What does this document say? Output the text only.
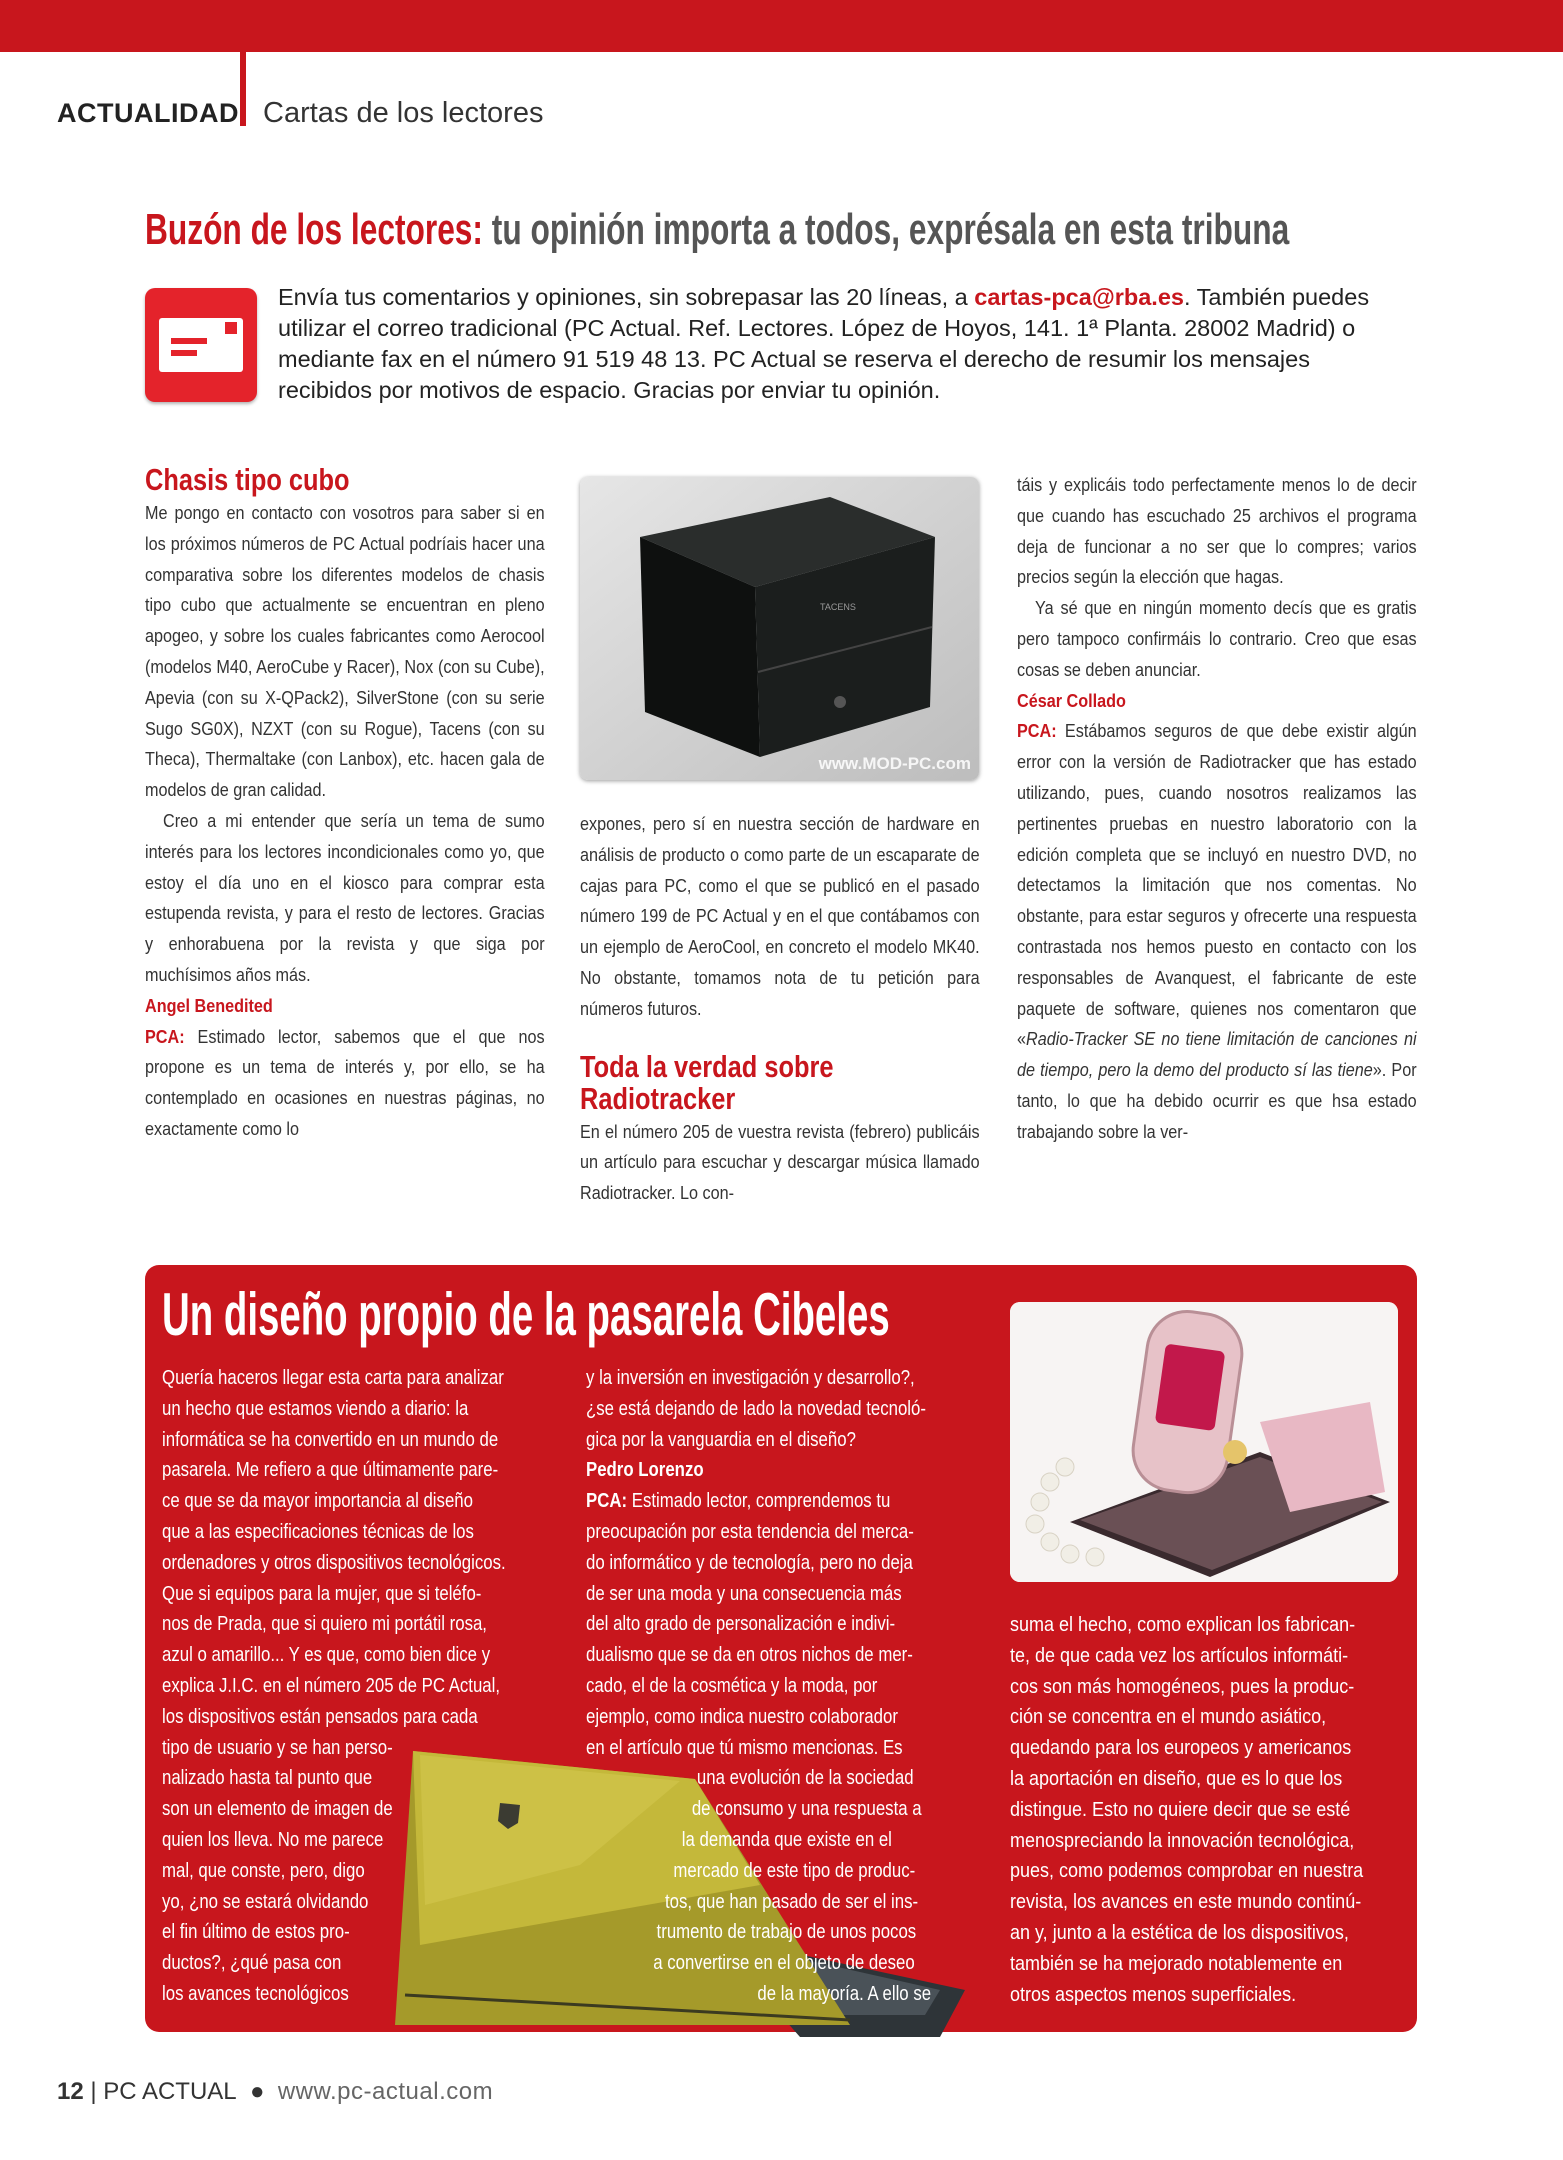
ACTUALIDAD Cartas de los lectores
Buzón de los lectores: tu opinión importa a todos, exprésala en esta tribuna

Envía tus comentarios y opiniones, sin sobrepasar las 20 líneas, a cartas-pca@rba.es. También puedes utilizar el correo tradicional (PC Actual. Ref. Lectores. López de Hoyos, 141. 1ª Planta. 28002 Madrid) o mediante fax en el número 91 519 48 13. PC Actual se reserva el derecho de resumir los mensajes recibidos por motivos de espacio. Gracias por enviar tu opinión.

Chasis tipo cubo

Me pongo en contacto con vosotros para saber si en los próximos números de PC Actual podríais hacer una comparativa sobre los diferentes modelos de chasis tipo cubo que actualmente se encuentran en pleno apogeo, y sobre los cuales fabricantes como Aerocool (modelos M40, AeroCube y Racer), Nox (con su Cube), Apevia (con su X-QPack2), SilverStone (con su serie Sugo SG0X), NZXT (con su Rogue), Tacens (con su Theca), Thermaltake (con Lanbox), etc. hacen gala de modelos de gran calidad.

Creo a mi entender que sería un tema de sumo interés para los lectores incondicionales como yo, que estoy el día uno en el kiosco para comprar esta estupenda revista, y para el resto de lectores. Gracias y enhorabuena por la revista y que siga por muchísimos años más.

Angel Benedited

PCA: Estimado lector, sabemos que el que nos propone es un tema de interés y, por ello, se ha contemplado en ocasiones en nuestras páginas, no exactamente como lo

TACENS
www.MOD-PC.com

expones, pero sí en nuestra sección de hardware en análisis de producto o como parte de un escaparate de cajas para PC, como el que se publicó en el pasado número 199 de PC Actual y en el que contábamos con un ejemplo de AeroCool, en concreto el modelo MK40. No obstante, tomamos nota de tu petición para números futuros.

Toda la verdad sobre
Radiotracker

En el número 205 de vuestra revista (febrero) publicáis un artículo para escuchar y descargar música llamado Radiotracker. Lo con-

táis y explicáis todo perfectamente menos lo de decir que cuando has escuchado 25 archivos el programa deja de funcionar a no ser que lo compres; varios precios según la elección que hagas.

Ya sé que en ningún momento decís que es gratis pero tampoco confirmáis lo contrario. Creo que esas cosas se deben anunciar.

César Collado

PCA: Estábamos seguros de que debe existir algún error con la versión de Radiotracker que has estado utilizando, pues, cuando nosotros realizamos las pertinentes pruebas en nuestro laboratorio con la edición completa que se incluyó en nuestro DVD, no detectamos la limitación que nos comentas. No obstante, para estar seguros y ofrecerte una respuesta contrastada nos hemos puesto en contacto con los responsables de Avanquest, el fabricante de este paquete de software, quienes nos comentaron que «Radio-Tracker SE no tiene limitación de canciones ni de tiempo, pero la demo del producto sí las tiene». Por tanto, lo que ha debido ocurrir es que hsa estado trabajando sobre la ver-

Un diseño propio de la pasarela Cibeles
Quería haceros llegar esta carta para analizar
un hecho que estamos viendo a diario: la
informática se ha convertido en un mundo de
pasarela. Me refiero a que últimamente pare-
ce que se da mayor importancia al diseño
que a las especificaciones técnicas de los
ordenadores y otros dispositivos tecnológicos.
Que si equipos para la mujer, que si teléfo-
nos de Prada, que si quiero mi portátil rosa,
azul o amarillo... Y es que, como bien dice y
explica J.I.C. en el número 205 de PC Actual,
los dispositivos están pensados para cada
tipo de usuario y se han perso-
nalizado hasta tal punto que
son un elemento de imagen de
quien los lleva. No me parece
mal, que conste, pero, digo
yo, ¿no se estará olvidando
el fin último de estos pro-
ductos?, ¿qué pasa con
los avances tecnológicos
y la inversión en investigación y desarrollo?,
¿se está dejando de lado la novedad tecnoló-
gica por la vanguardia en el diseño?
Pedro Lorenzo
PCA: Estimado lector, comprendemos tu
preocupación por esta tendencia del merca-
do informático y de tecnología, pero no deja
de ser una moda y una consecuencia más
del alto grado de personalización e indivi-
dualismo que se da en otros nichos de mer-
cado, el de la cosmética y la moda, por
ejemplo, como indica nuestro colaborador
en el artículo que tú mismo mencionas. Es
una evolución de la sociedad
de consumo y una respuesta a
la demanda que existe en el
mercado de este tipo de produc-
tos, que han pasado de ser el ins-
trumento de trabajo de unos pocos
a convertirse en el objeto de deseo
de la mayoría. A ello se
suma el hecho, como explican los fabrican-
te, de que cada vez los artículos informáti-
cos son más homogéneos, pues la produc-
ción se concentra en el mundo asiático,
quedando para los europeos y americanos
la aportación en diseño, que es lo que los
distingue. Esto no quiere decir que se esté
menospreciando la innovación tecnológica,
pues, como podemos comprobar en nuestra
revista, los avances en este mundo continú-
an y, junto a la estética de los dispositivos,
también se ha mejorado notablemente en
otros aspectos menos superficiales.
12 | PC ACTUAL ● www.pc-actual.com
